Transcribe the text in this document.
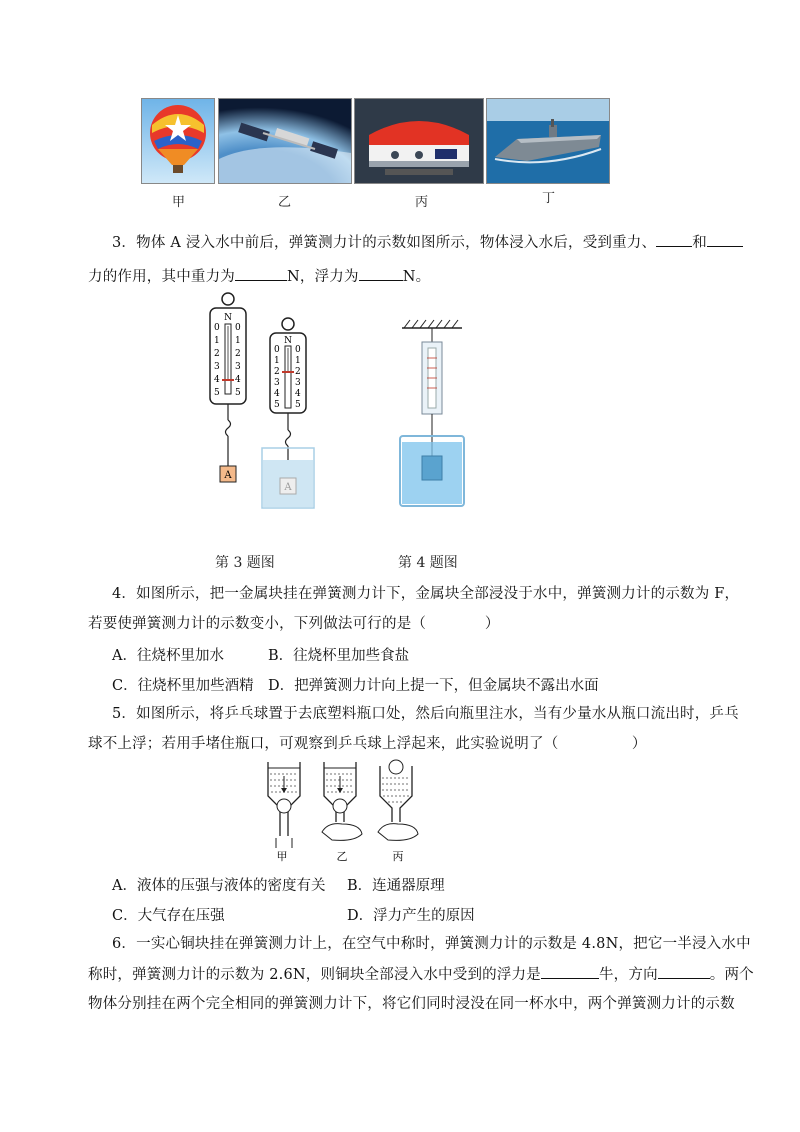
甲	乙	丙	丁
3．物体 A 浸入水中前后，弹簧测力计的示数如图所示，物体浸入水后，受到重力、 和
力的作用，其中重力为	N，浮力为	N。
N
0
1
2
3
4
5
0
1
2
3
4
5
A
N
0
1
2
3
4
5
0
1
2
3
4
5
A
第 3 题图	第 4 题图
4．如图所示，把一金属块挂在弹簧测力计下，金属块全部浸没于水中，弹簧测力计的示数为 F，
若要使弹簧测力计的示数变小，下列做法可行的是（　　　　）
A．往烧杯里加水	B．往烧杯里加些食盐
C．往烧杯里加些酒精 D．把弹簧测力计向上提一下，但金属块不露出水面
5．如图所示，将乒乓球置于去底塑料瓶口处，然后向瓶里注水，当有少量水从瓶口流出时，乒乓
球不上浮；若用手堵住瓶口，可观察到乒乓球上浮起来，此实验说明了（　　　　　）
甲	乙	丙
A．液体的压强与液体的密度有关 B．连通器原理
C．大气存在压强	D．浮力产生的原因
6．一实心铜块挂在弹簧测力计上，在空气中称时，弹簧测力计的示数是 4.8N，把它一半浸入水中
称时，弹簧测力计的示数为 2.6N，则铜块全部浸入水中受到的浮力是	牛，方向	。两个
物体分别挂在两个完全相同的弹簧测力计下，将它们同时浸没在同一杯水中，两个弹簧测力计的示数
